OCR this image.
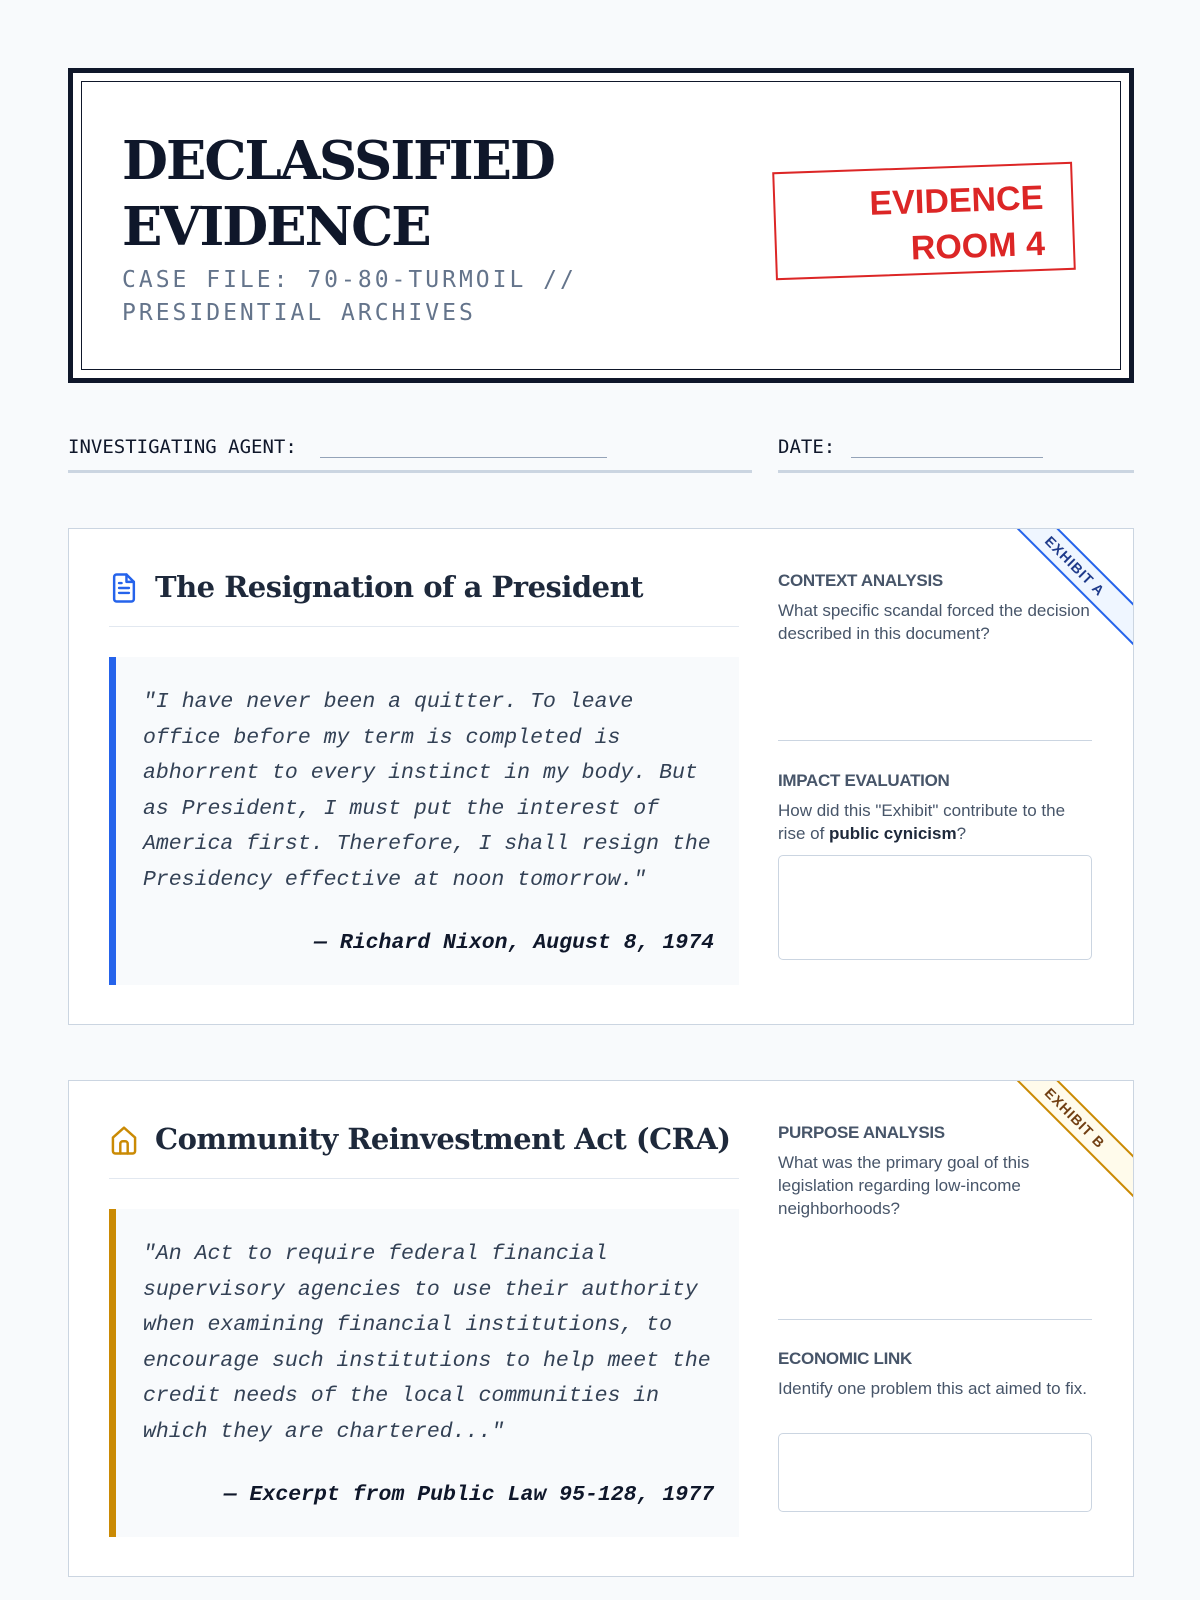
DECLASSIFIED
EVIDENCE
CASE FILE: 70-80-TURMOIL // PRESIDENTIAL ARCHIVES
EVIDENCE
ROOM 4
INVESTIGATING AGENT:	DATE:
EXHIBIT A
The Resignation of a President
"I have never been a quitter. To leave office before my term is completed is abhorrent to every instinct in my body. But as President, I must put the interest of America first. Therefore, I shall resign the Presidency effective at noon tomorrow."
— Richard Nixon, August 8, 1974
CONTEXT ANALYSIS
What specific scandal forced the decision described in this document?
IMPACT EVALUATION
How did this "Exhibit" contribute to the rise of public cynicism?
EXHIBIT B
Community Reinvestment Act (CRA)
"An Act to require federal financial supervisory agencies to use their authority when examining financial institutions, to encourage such institutions to help meet the credit needs of the local communities in which they are chartered..."
— Excerpt from Public Law 95-128, 1977
PURPOSE ANALYSIS
What was the primary goal of this legislation regarding low-income neighborhoods?
ECONOMIC LINK
Identify one problem this act aimed to fix.
